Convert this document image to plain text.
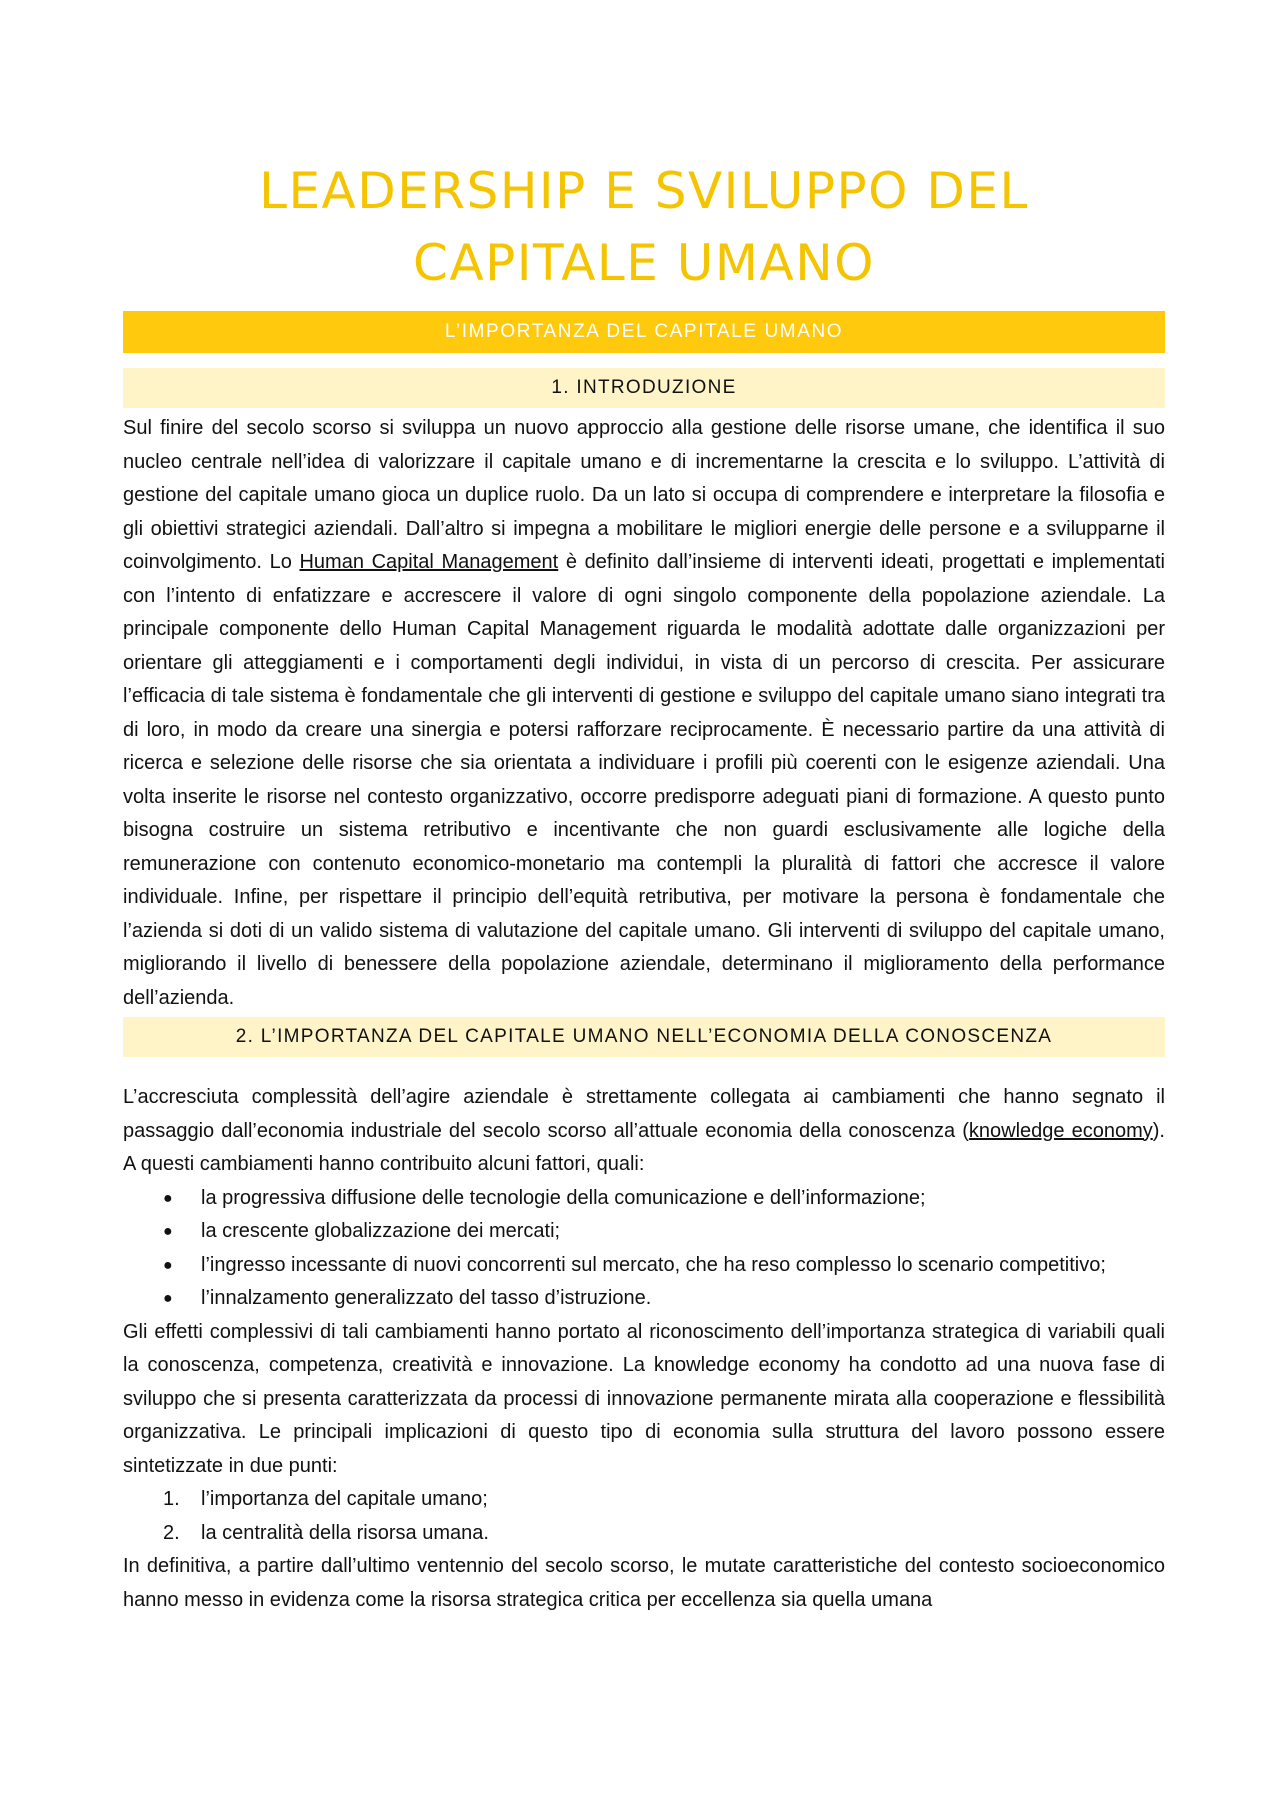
LEADERSHIP E SVILUPPO DEL
CAPITALE UMANO
L’IMPORTANZA DEL CAPITALE UMANO
1. INTRODUZIONE

Sul finire del secolo scorso si sviluppa un nuovo approccio alla gestione delle risorse umane, che identifica il suo nucleo centrale nell’idea di valorizzare il capitale umano e di incrementarne la crescita e lo sviluppo. L’attività di gestione del capitale umano gioca un duplice ruolo. Da un lato si occupa di comprendere e interpretare la filosofia e gli obiettivi strategici aziendali. Dall’altro si impegna a mobilitare le migliori energie delle persone e a svilupparne il coinvolgimento. Lo Human Capital Management è definito dall’insieme di interventi ideati, progettati e implementati con l’intento di enfatizzare e accrescere il valore di ogni singolo componente della popolazione aziendale. La principale componente dello Human Capital Management riguarda le modalità adottate dalle organizzazioni per orientare gli atteggiamenti e i comportamenti degli individui, in vista di un percorso di crescita. Per assicurare l’efficacia di tale sistema è fondamentale che gli interventi di gestione e sviluppo del capitale umano siano integrati tra di loro, in modo da creare una sinergia e potersi rafforzare reciprocamente. È necessario partire da una attività di ricerca e selezione delle risorse che sia orientata a individuare i profili più coerenti con le esigenze aziendali. Una volta inserite le risorse nel contesto organizzativo, occorre predisporre adeguati piani di formazione. A questo punto bisogna costruire un sistema retributivo e incentivante che non guardi esclusivamente alle logiche della remunerazione con contenuto economico-monetario ma contempli la pluralità di fattori che accresce il valore individuale. Infine, per rispettare il principio dell’equità retributiva, per motivare la persona è fondamentale che l’azienda si doti di un valido sistema di valutazione del capitale umano. Gli interventi di sviluppo del capitale umano, migliorando il livello di benessere della popolazione aziendale, determinano il miglioramento della performance dell’azienda.

2. L’IMPORTANZA DEL CAPITALE UMANO NELL’ECONOMIA DELLA CONOSCENZA

L’accresciuta complessità dell’agire aziendale è strettamente collegata ai cambiamenti che hanno segnato il passaggio dall’economia industriale del secolo scorso all’attuale economia della conoscenza (knowledge economy). A questi cambiamenti hanno contribuito alcuni fattori, quali:

● la progressiva diffusione delle tecnologie della comunicazione e dell’informazione;
● la crescente globalizzazione dei mercati;
● l’ingresso incessante di nuovi concorrenti sul mercato, che ha reso complesso lo scenario competitivo;
● l’innalzamento generalizzato del tasso d’istruzione.

Gli effetti complessivi di tali cambiamenti hanno portato al riconoscimento dell’importanza strategica di variabili quali la conoscenza, competenza, creatività e innovazione. La knowledge economy ha condotto ad una nuova fase di sviluppo che si presenta caratterizzata da processi di innovazione permanente mirata alla cooperazione e flessibilità organizzativa. Le principali implicazioni di questo tipo di economia sulla struttura del lavoro possono essere sintetizzate in due punti:

1. l’importanza del capitale umano;
2. la centralità della risorsa umana.

In definitiva, a partire dall’ultimo ventennio del secolo scorso, le mutate caratteristiche del contesto socioeconomico hanno messo in evidenza come la risorsa strategica critica per eccellenza sia quella umana
